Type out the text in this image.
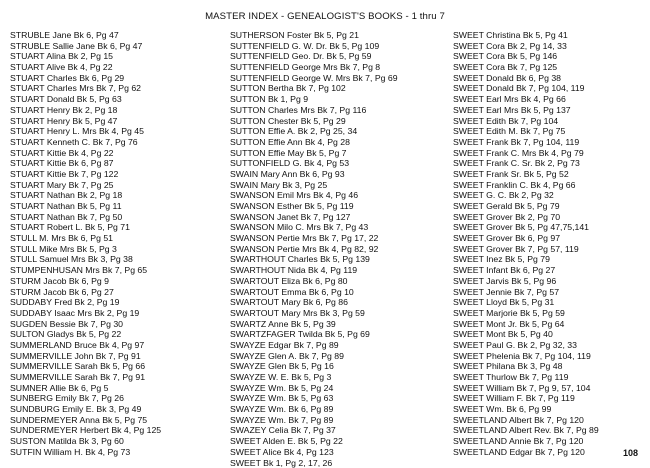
MASTER INDEX - GENEALOGIST'S BOOKS - 1 thru 7
STRUBLE Jane Bk 6, Pg 47
STRUBLE Sallie Jane Bk 6, Pg 47
STUART Alina Bk 2, Pg 15
STUART Alive Bk 4, Pg 22
STUART Charles Bk 6, Pg 29
STUART Charles Mrs Bk 7, Pg 62
STUART Donald Bk 5, Pg 63
STUART Henry Bk 2, Pg 18
STUART Henry Bk 5, Pg 47
STUART Henry L. Mrs Bk 4, Pg 45
STUART Kenneth C. Bk 7, Pg 76
STUART Kittie Bk 4, Pg 22
STUART Kittie Bk 6, Pg 87
STUART Kittie Bk 7, Pg 122
STUART Mary Bk 7, Pg 25
STUART Nathan Bk 2, Pg 18
STUART Nathan Bk 5, Pg 11
STUART Nathan Bk 7, Pg 50
STUART Robert L. Bk 5, Pg 71
STULL M. Mrs Bk 6, Pg 51
STULL Mike Mrs Bk 5, Pg 3
STULL Samuel Mrs Bk 3, Pg 38
STUMPENHUSAN Mrs Bk 7, Pg 65
STURM Jacob Bk 6, Pg 9
STURM Jacob Bk 6, Pg 27
SUDDABY Fred Bk 2, Pg 19
SUDDABY Isaac Mrs Bk 2, Pg 19
SUGDEN Bessie Bk 7, Pg 30
SULTON Gladys Bk 5, Pg 22
SUMMERLAND Bruce Bk 4, Pg 97
SUMMERVILLE John Bk 7, Pg 91
SUMMERVILLE Sarah Bk 5, Pg 66
SUMMERVILLE Sarah Bk 7, Pg 91
SUMNER Allie Bk 6, Pg 5
SUNBERG Emily Bk 7, Pg 26
SUNDBURG Emily E. Bk 3, Pg 49
SUNDERMEYER Anna Bk 5, Pg 75
SUNDERMEYER Herbert Bk 4, Pg 125
SUSTON Matilda Bk 3, Pg 60
SUTFIN William H. Bk 4, Pg 73
SUTHERSON Foster Bk 5, Pg 21
SUTTENFIELD G. W. Dr. Bk 5, Pg 109
SUTTENFIELD Geo. Dr. Bk 5, Pg 59
SUTTENFIELD George Mrs Bk 7, Pg 8
SUTTENFIELD George W. Mrs Bk 7, Pg 69
SUTTON Bertha Bk 7, Pg 102
SUTTON Bk 1, Pg 9
SUTTON Charles Mrs Bk 7, Pg 116
SUTTON Chester Bk 5, Pg 29
SUTTON Effie A. Bk 2, Pg 25, 34
SUTTON Effie Ann Bk 4, Pg 28
SUTTON Effie May Bk 5, Pg 7
SUTTONFIELD G. Bk 4, Pg 53
SWAIN Mary Ann Bk 6, Pg 93
SWAIN Mary Bk 3, Pg 25
SWANSON Emil Mrs Bk 4, Pg 46
SWANSON Esther Bk 5, Pg 119
SWANSON Janet Bk 7, Pg 127
SWANSON Milo C. Mrs Bk 7, Pg 43
SWANSON Pertie Mrs Bk 7, Pg 17, 22
SWANSON Pertie Mrs Bk 4, Pg 82, 92
SWARTHOUT Charles Bk 5, Pg 139
SWARTHOUT Nida Bk 4, Pg 119
SWARTOUT Eliza Bk 6, Pg 80
SWARTOUT Emma Bk 6, Pg 10
SWARTOUT Mary Bk 6, Pg 86
SWARTOUT Mary Mrs Bk 3, Pg 59
SWARTZ Anne Bk 5, Pg 39
SWARTZFAGER Twilda Bk 5, Pg 69
SWAYZE Edgar Bk 7, Pg 89
SWAYZE Glen A. Bk 7, Pg 89
SWAYZE Glen Bk 5, Pg 16
SWAYZE W. E. Bk 5, Pg 3
SWAYZE Wm. Bk 5, Pg 24
SWAYZE Wm. Bk 5, Pg 63
SWAYZE Wm. Bk 6, Pg 89
SWAYZE Wm. Bk 7, Pg 89
SWAZEY Celia Bk 7, Pg 37
SWEET Alden E. Bk 5, Pg 22
SWEET Alice Bk 4, Pg 123
SWEET Bk 1, Pg 2, 17, 26
SWEET Christina Bk 5, Pg 41
SWEET Cora Bk 2, Pg 14, 33
SWEET Cora Bk 5, Pg 146
SWEET Cora Bk 7, Pg 125
SWEET Donald Bk 6, Pg 38
SWEET Donald Bk 7, Pg 104, 119
SWEET Earl Mrs Bk 4, Pg 66
SWEET Earl Mrs Bk 5, Pg 137
SWEET Edith Bk 7, Pg 104
SWEET Edith M. Bk 7, Pg 75
SWEET Frank Bk 7, Pg 104, 119
SWEET Frank C. Mrs Bk 4, Pg 79
SWEET Frank C. Sr. Bk 2, Pg 73
SWEET Frank Sr. Bk 5, Pg 52
SWEET Franklin C. Bk 4, Pg 66
SWEET G. C. Bk 2, Pg 32
SWEET Gerald Bk 5, Pg 79
SWEET Grover Bk 2, Pg 70
SWEET Grover Bk 5, Pg 47,75,141
SWEET Grover Bk 6, Pg 97
SWEET Grover Bk 7, Pg 57, 119
SWEET Inez Bk 5, Pg 79
SWEET Infant Bk 6, Pg 27
SWEET Jarvis Bk 5, Pg 96
SWEET Jennie Bk 7, Pg 57
SWEET Lloyd Bk 5, Pg 31
SWEET Marjorie Bk 5, Pg 59
SWEET Mont Jr. Bk 5, Pg 64
SWEET Mont Bk 5, Pg 40
SWEET Paul G. Bk 2, Pg 32, 33
SWEET Phelenia Bk 7, Pg 104, 119
SWEET Philana Bk 3, Pg 48
SWEET Thurlow Bk 7, Pg 119
SWEET William Bk 7, Pg 9, 57, 104
SWEET William F. Bk 7, Pg 119
SWEET Wm. Bk 6, Pg 99
SWEETLAND Albert Bk 7, Pg 120
SWEETLAND Albert Rev. Bk 7, Pg 89
SWEETLAND Annie Bk 7, Pg 120
SWEETLAND Edgar Bk 7, Pg 120	108
